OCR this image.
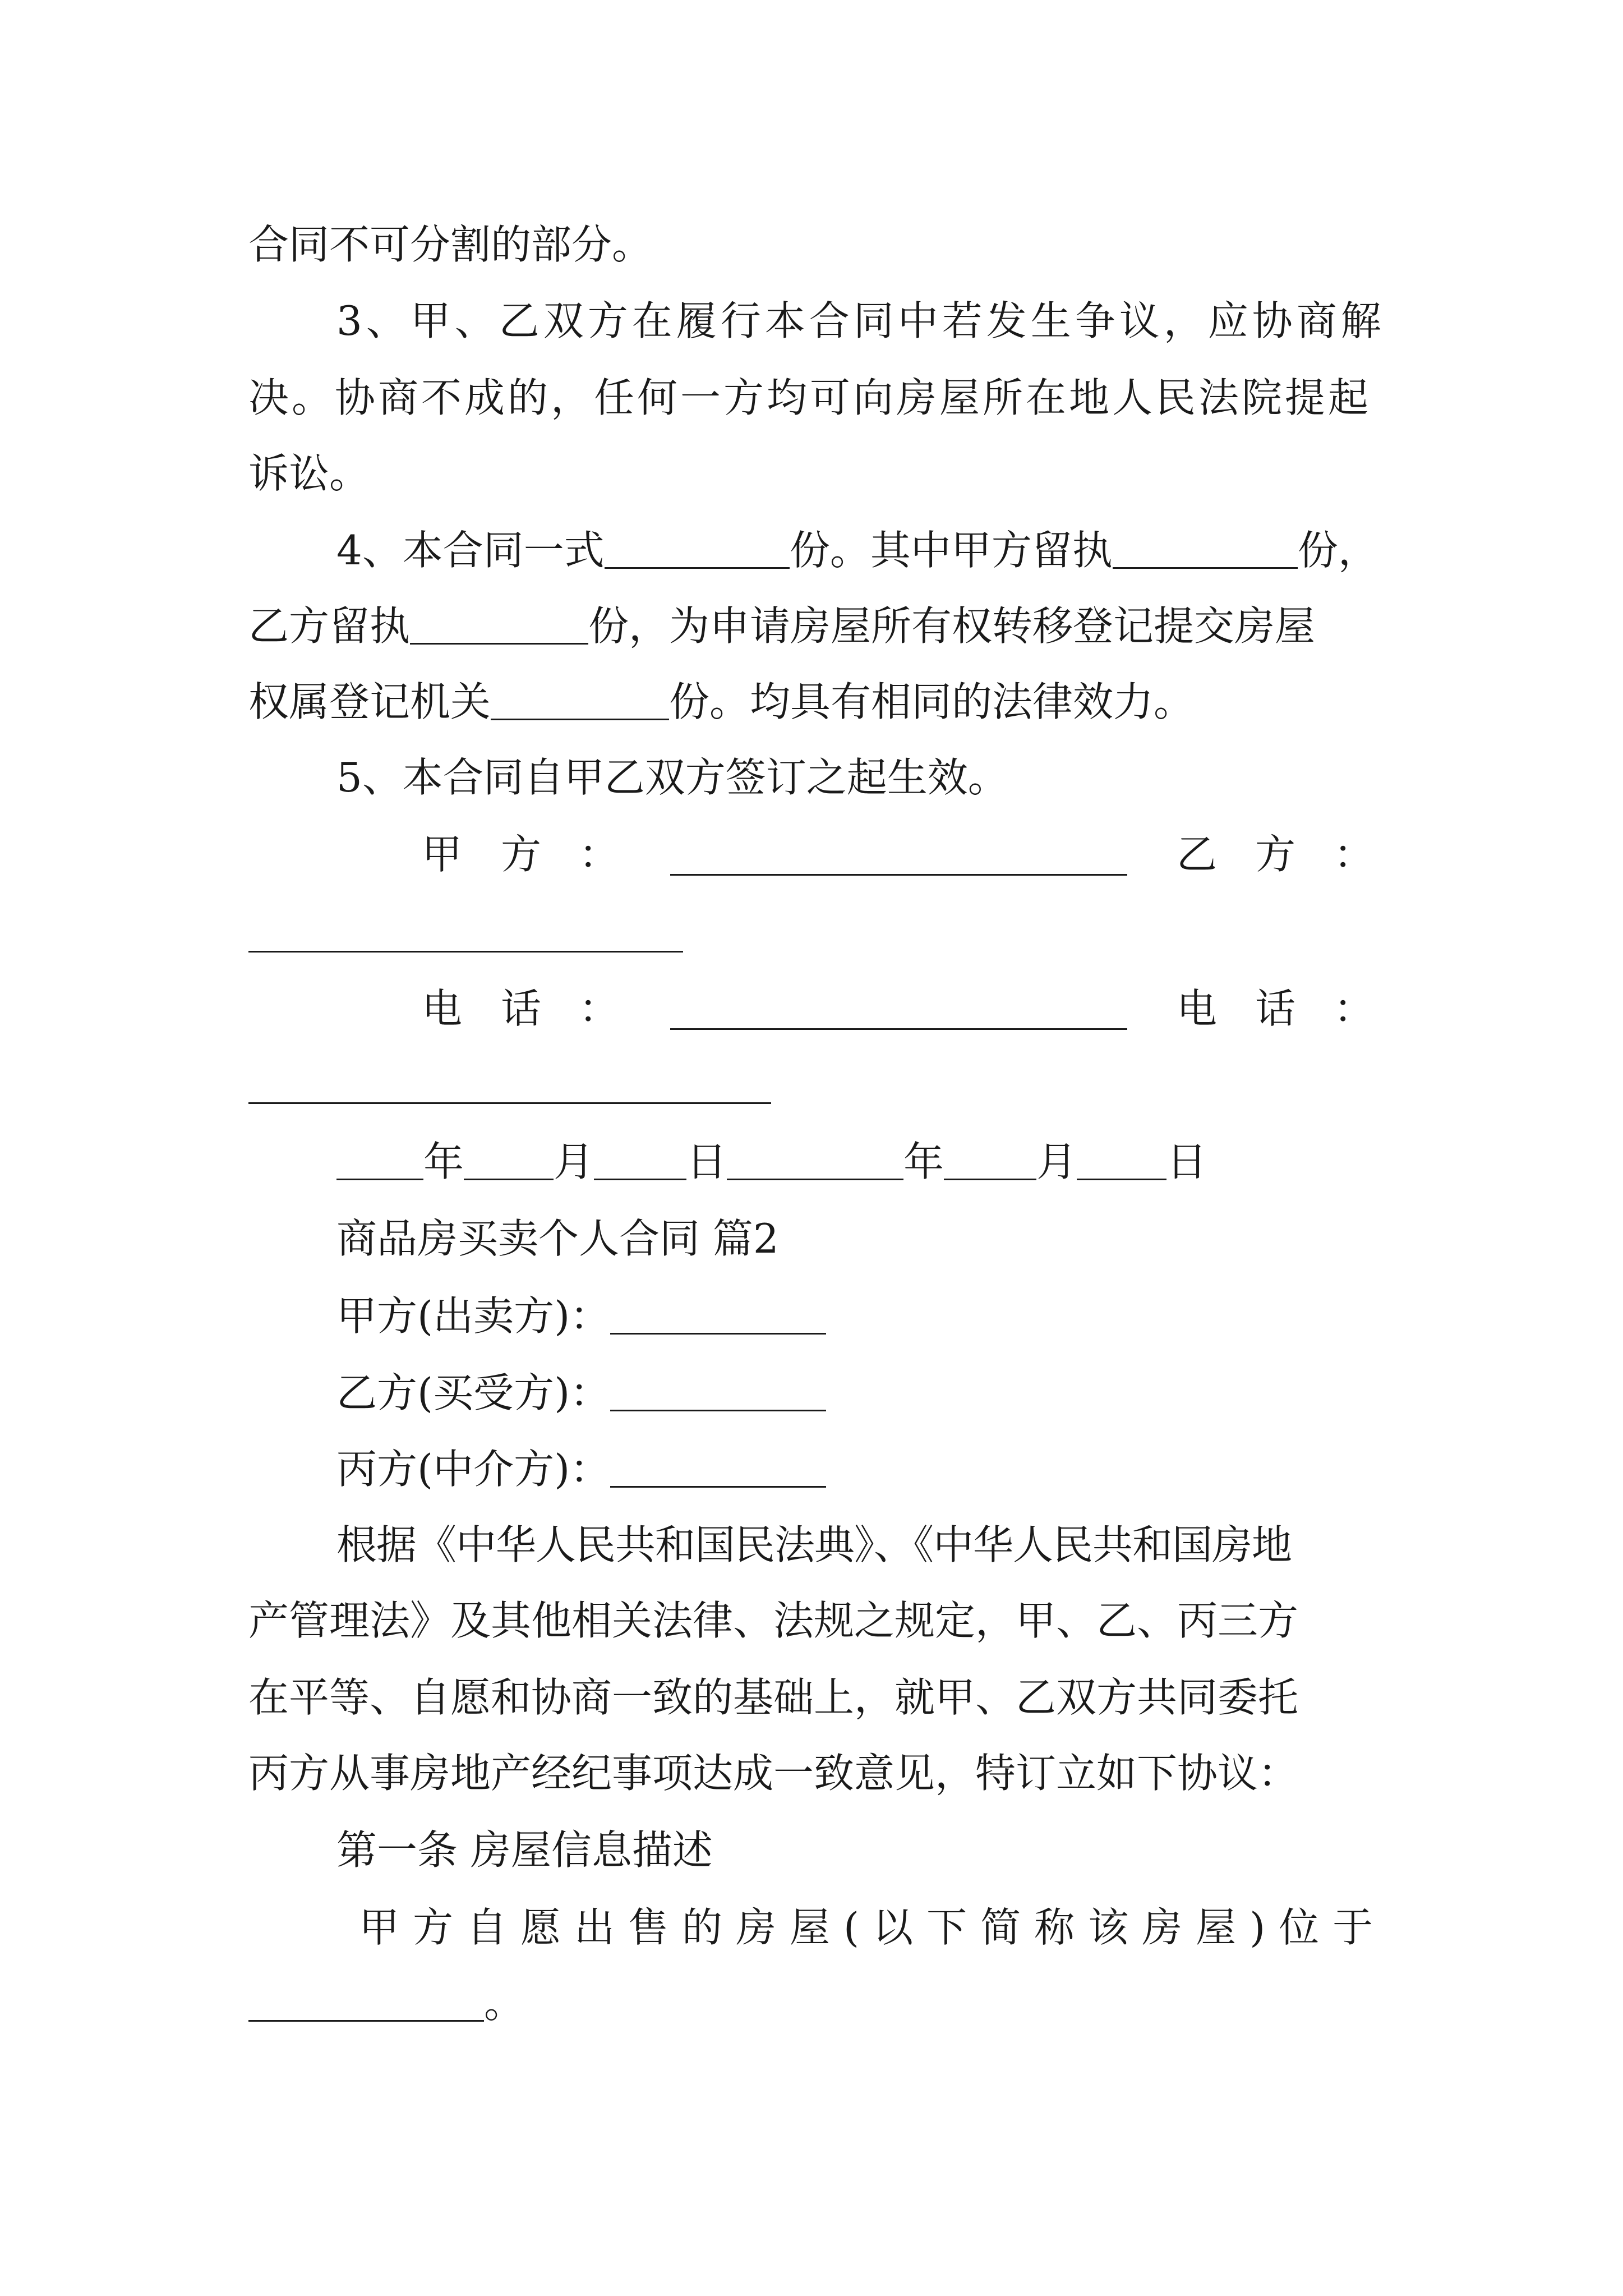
合同不可分割的部分。
3、甲、乙双方在履行本合同中若发生争议，应协商解
决。协商不成的，任何一方均可向房屋所在地人民法院提起
诉讼。
4、本合同一式	份。其中甲方留执	份，
乙方留执	份，为申请房屋所有权转移登记提交房屋
权属登记机关	份。均具有相同的法律效力。
5、本合同自甲乙双方签订之起生效。
甲 方 ：	乙 方 ：
电 话 ：	电 话 ：
年 月 日	年 月 日
商品房买卖个人合同 篇2
甲方(出卖方)：
乙方(买受方)：
丙方(中介方)：
根据《中华人民共和国民法典》、《中华人民共和国房地
产管理法》及其他相关法律、法规之规定，甲、乙、丙三方
在平等、自愿和协商一致的基础上，就甲、乙双方共同委托
丙方从事房地产经纪事项达成一致意见，特订立如下协议：
第一条 房屋信息描述
甲方自愿出售的房屋(以下简称该房屋)位于
。
